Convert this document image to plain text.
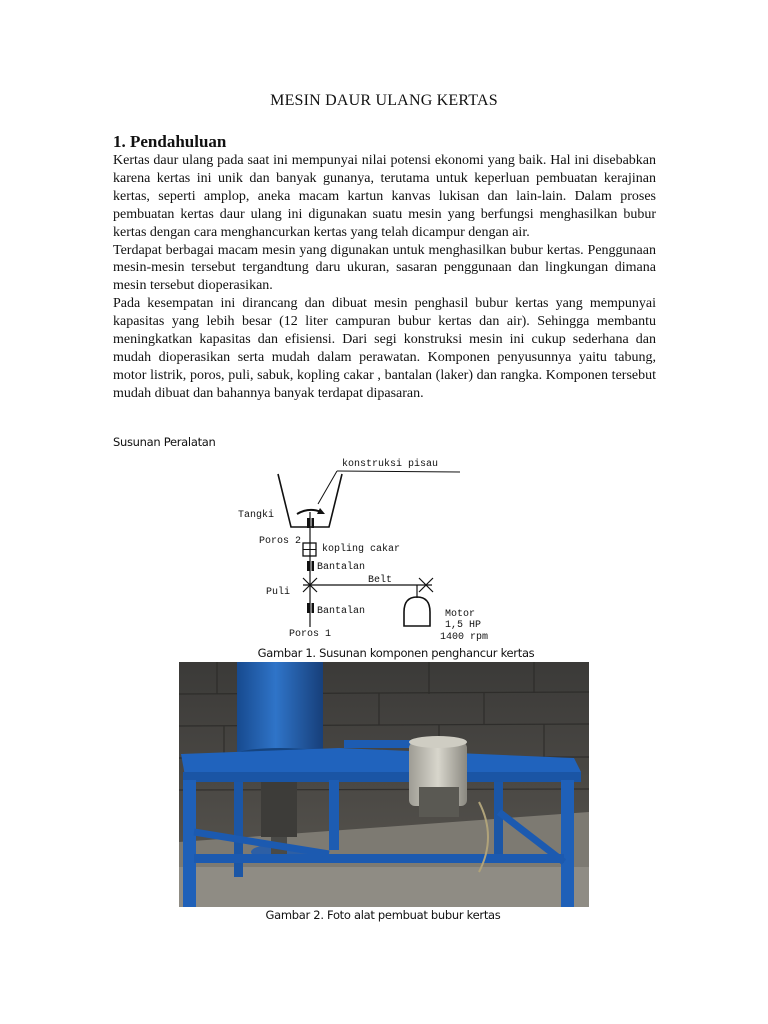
MESIN DAUR ULANG KERTAS
1. Pendahuluan

Kertas daur ulang pada saat ini mempunyai nilai potensi ekonomi yang baik. Hal ini disebabkan karena kertas ini unik dan banyak gunanya, terutama untuk keperluan pembuatan kerajinan kertas, seperti amplop, aneka macam kartun kanvas lukisan dan lain-lain. Dalam proses pembuatan kertas daur ulang ini digunakan suatu mesin yang berfungsi menghasilkan bubur kertas dengan cara menghancurkan kertas yang telah dicampur dengan air.

Terdapat berbagai macam mesin yang digunakan untuk menghasilkan bubur kertas. Penggunaan mesin-mesin tersebut tergandtung daru ukuran, sasaran penggunaan dan lingkungan dimana mesin tersebut dioperasikan.

Pada kesempatan ini dirancang dan dibuat mesin penghasil bubur kertas yang mempunyai kapasitas yang lebih besar (12 liter campuran bubur kertas dan air). Sehingga membantu meningkatkan kapasitas dan efisiensi. Dari segi konstruksi mesin ini cukup sederhana dan mudah dioperasikan serta mudah dalam perawatan. Komponen penyusunnya yaitu tabung, motor listrik, poros, puli, sabuk, kopling cakar , bantalan (laker) dan rangka. Komponen tersebut mudah dibuat dan bahannya banyak terdapat dipasaran.

Susunan Peralatan
konstruksi pisau
Tangki
Poros 2
kopling cakar
Bantalan
Belt
Puli
Bantalan	Motor
1,5 HP
1400 rpm
Poros 1
Gambar 1. Susunan komponen penghancur kertas
Gambar 2. Foto alat pembuat bubur kertas
